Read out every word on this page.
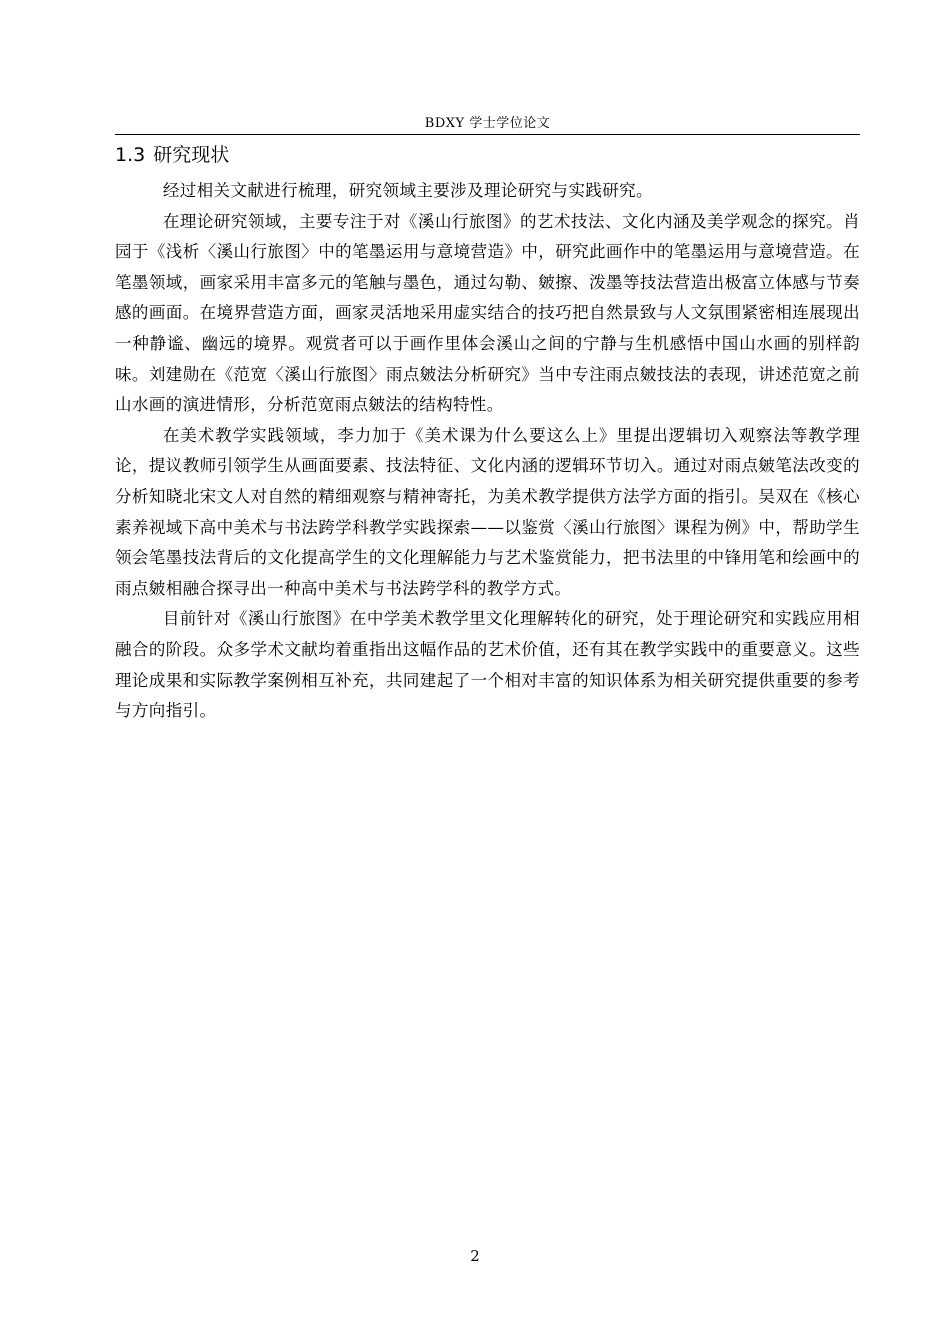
BDXY 学士学位论文
1.3 研究现状

经过相关文献进行梳理，研究领域主要涉及理论研究与实践研究。

在理论研究领域，主要专注于对《溪山行旅图》的艺术技法、文化内涵及美学观念的探究。肖园于《浅析〈溪山行旅图〉中的笔墨运用与意境营造》中，研究此画作中的笔墨运用与意境营造。在笔墨领域，画家采用丰富多元的笔触与墨色，通过勾勒、皴擦、泼墨等技法营造出极富立体感与节奏感的画面。在境界营造方面，画家灵活地采用虚实结合的技巧把自然景致与人文氛围紧密相连展现出一种静谧、幽远的境界。观赏者可以于画作里体会溪山之间的宁静与生机感悟中国山水画的别样韵味。刘建勋在《范宽〈溪山行旅图〉雨点皴法分析研究》当中专注雨点皴技法的表现，讲述范宽之前山水画的演进情形，分析范宽雨点皴法的结构特性。

在美术教学实践领域，李力加于《美术课为什么要这么上》里提出逻辑切入观察法等教学理论，提议教师引领学生从画面要素、技法特征、文化内涵的逻辑环节切入。通过对雨点皴笔法改变的分析知晓北宋文人对自然的精细观察与精神寄托，为美术教学提供方法学方面的指引。吴双在《核心素养视域下高中美术与书法跨学科教学实践探索——以鉴赏〈溪山行旅图〉课程为例》中，帮助学生领会笔墨技法背后的文化提高学生的文化理解能力与艺术鉴赏能力，把书法里的中锋用笔和绘画中的雨点皴相融合探寻出一种高中美术与书法跨学科的教学方式。

目前针对《溪山行旅图》在中学美术教学里文化理解转化的研究，处于理论研究和实践应用相融合的阶段。众多学术文献均着重指出这幅作品的艺术价值，还有其在教学实践中的重要意义。这些理论成果和实际教学案例相互补充，共同建起了一个相对丰富的知识体系为相关研究提供重要的参考与方向指引。

2
